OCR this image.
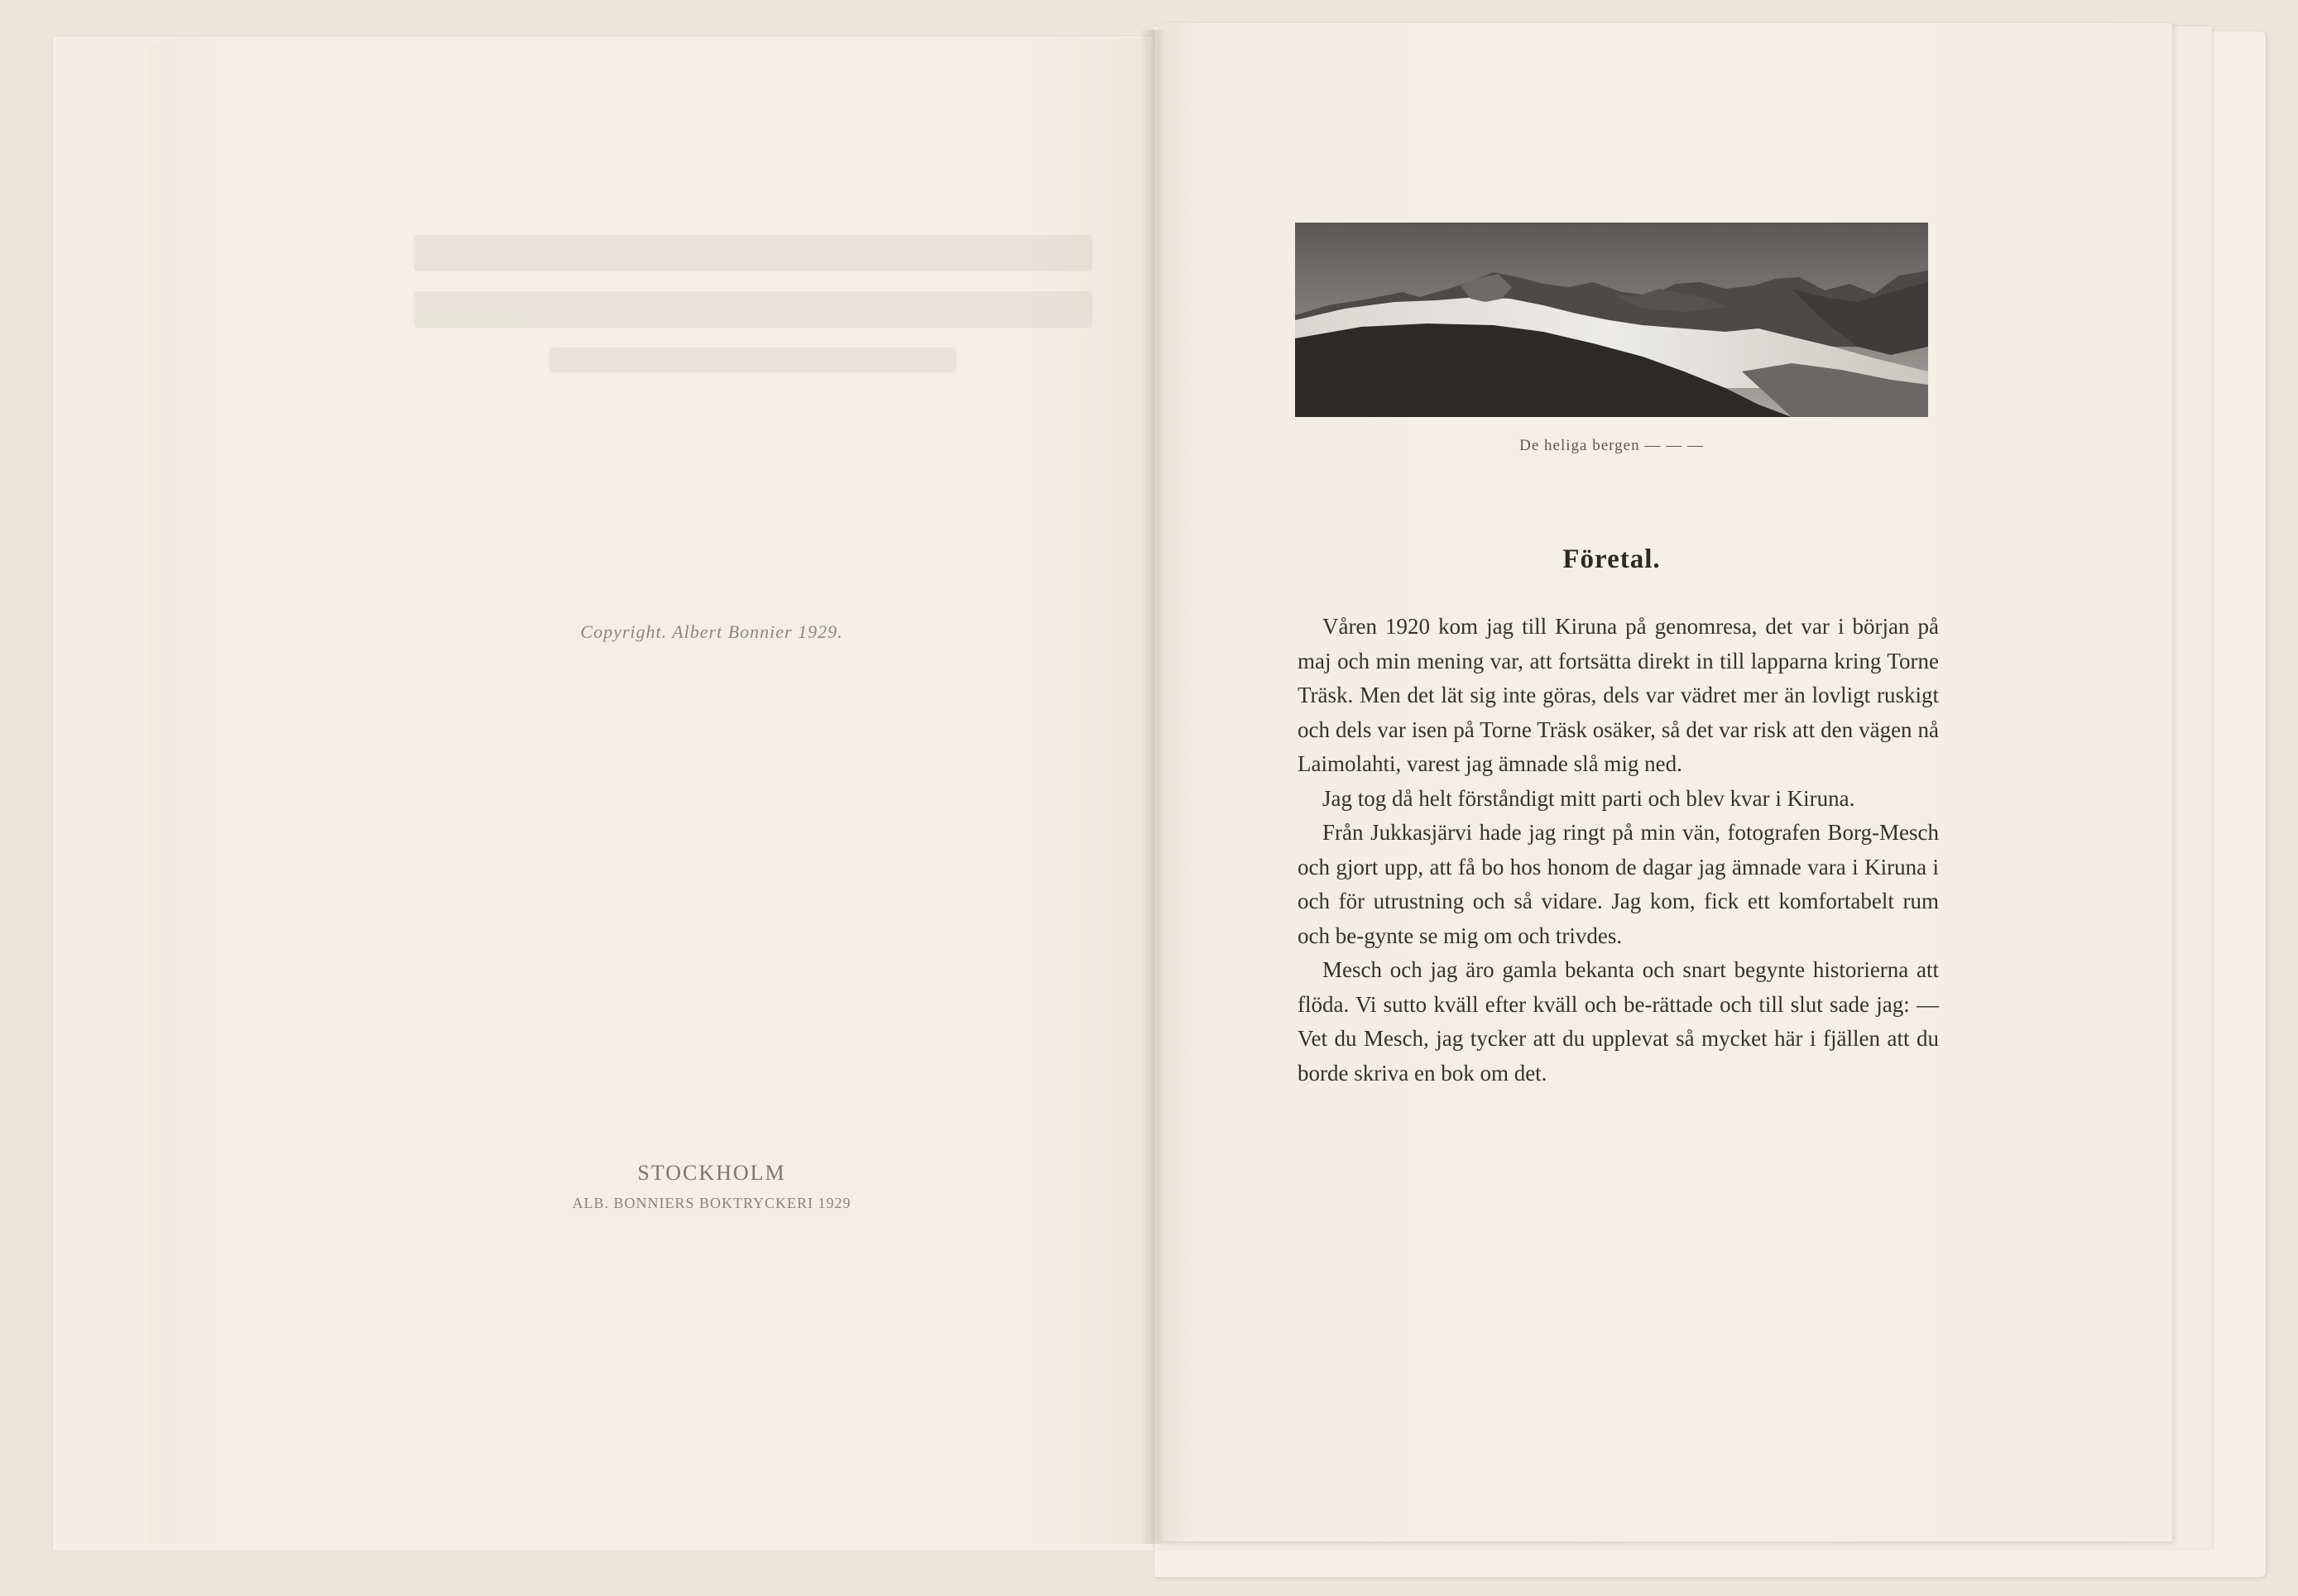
Copyright. Albert Bonnier 1929.
STOCKHOLM
ALB. BONNIERS BOKTRYCKERI 1929
De heliga bergen — — —
Företal.

Våren 1920 kom jag till Kiruna på genomresa, det var i början på maj och min mening var, att fortsätta direkt in till lapparna kring Torne Träsk. Men det lät sig inte göras, dels var vädret mer än lovligt ruskigt och dels var isen på Torne Träsk osäker, så det var risk att den vägen nå Laimolahti, varest jag ämnade slå mig ned.

Jag tog då helt förståndigt mitt parti och blev kvar i Kiruna.

Från Jukkasjärvi hade jag ringt på min vän, fotografen Borg-Mesch och gjort upp, att få bo hos honom de dagar jag ämnade vara i Kiruna i och för utrustning och så vidare. Jag kom, fick ett komfortabelt rum och be-gynte se mig om och trivdes.

Mesch och jag äro gamla bekanta och snart begynte historierna att flöda. Vi sutto kväll efter kväll och be-rättade och till slut sade jag: — Vet du Mesch, jag tycker att du upplevat så mycket här i fjällen att du borde skriva en bok om det.
